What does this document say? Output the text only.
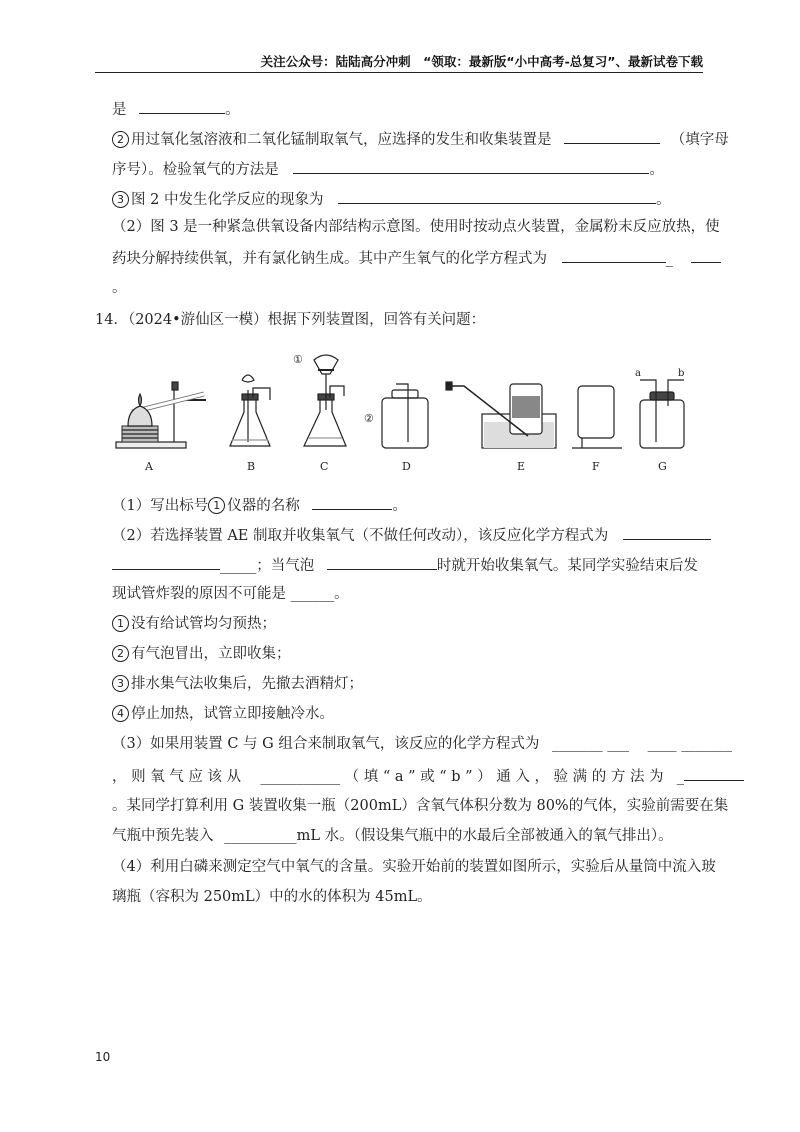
关注公众号：陆陆高分冲刺　“领取：最新版“小中高考-总复习”、最新试卷下载
是	。
2 用过氧化氢溶液和二氧化锰制取氧气，应选择的发生和收集装置是	（填字母
序号）。检验氧气的方法是	。
3 图 2 中发生化学反应的现象为	。
（2）图 3 是一种紧急供氧设备内部结构示意图。使用时按动点火装置，金属粉末反应放热，使
药块分解持续供氧，并有氯化钠生成。其中产生氧气的化学方程式为	_
。
14．（2024•游仙区一模）根据下列装置图，回答有关问题：
①
②
a	b
A	B	C	D	E	F	G
（1）写出标号 1 仪器的名称	。
（2）若选择装置 AE 制取并收集氧气（不做任何改动），该反应化学方程式为
_____；当气泡	时就开始收集氧气。某同学实验结束后发
现试管炸裂的原因不可能是 ______。
1 没有给试管均匀预热；
2 有气泡冒出，立即收集；
3 排水集气法收集后，先撤去酒精灯；
4 停止加热，试管立即接触冷水。
（3）如果用装置 C 与 G 组合来制取氧气，该反应的化学方程式为 _______ ___ ____ _______
，则氧气应该从 ___________ （填“a”或“b”）通入，验满的方法为 _
。某同学打算利用 G 装置收集一瓶（200mL）含氧气体积分数为 80%的气体，实验前需要在集
气瓶中预先装入 __________mL 水。（假设集气瓶中的水最后全部被通入的氧气排出）。
（4）利用白磷来测定空气中氧气的含量。实验开始前的装置如图所示，实验后从量筒中流入玻
璃瓶（容积为 250mL）中的水的体积为 45mL。
10
